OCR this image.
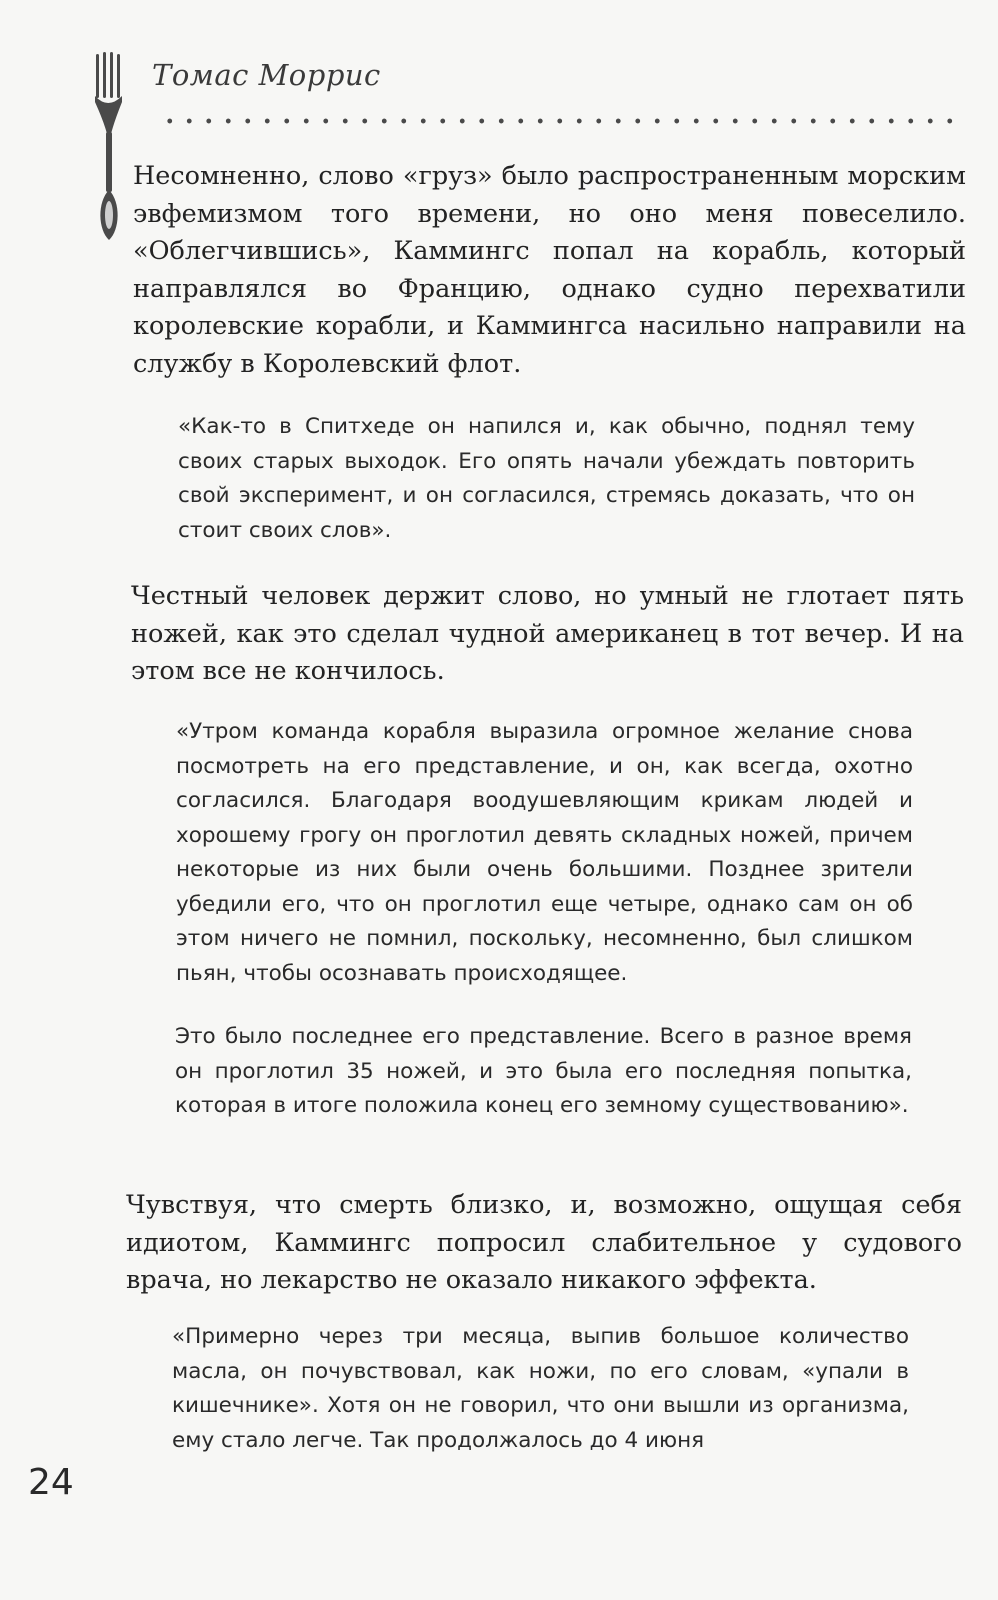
Томас Моррис

Несомненно, слово «груз» было распространенным морским эвфемизмом того времени, но оно меня повеселило. «Облегчившись», Каммингс попал на корабль, который направлялся во Францию, однако судно перехватили королевские корабли, и Каммингса насильно направили на службу в Королевский флот.

«Как-то в Спитхеде он напился и, как обычно, поднял тему своих старых выходок. Его опять начали убеждать повторить свой эксперимент, и он согласился, стремясь доказать, что он стоит своих слов».

Честный человек держит слово, но умный не глотает пять ножей, как это сделал чудной американец в тот вечер. И на этом все не кончилось.

«Утром команда корабля выразила огромное желание снова посмотреть на его представление, и он, как всегда, охотно согласился. Благодаря воодушевляющим крикам людей и хорошему грогу он проглотил девять складных ножей, причем некоторые из них были очень большими. Позднее зрители убедили его, что он проглотил еще четыре, однако сам он об этом ничего не помнил, поскольку, несомненно, был слишком пьян, чтобы осознавать происходящее.

Это было последнее его представление. Всего в разное время он проглотил 35 ножей, и это была его последняя попытка, которая в итоге положила конец его земному существованию».

Чувствуя, что смерть близко, и, возможно, ощущая себя идиотом, Каммингс попросил слабительное у судового врача, но лекарство не оказало никакого эффекта.

«Примерно через три месяца, выпив большое количество масла, он почувствовал, как ножи, по его словам, «упали в кишечнике». Хотя он не говорил, что они вышли из организма, ему стало легче. Так продолжалось до 4 июня

24
